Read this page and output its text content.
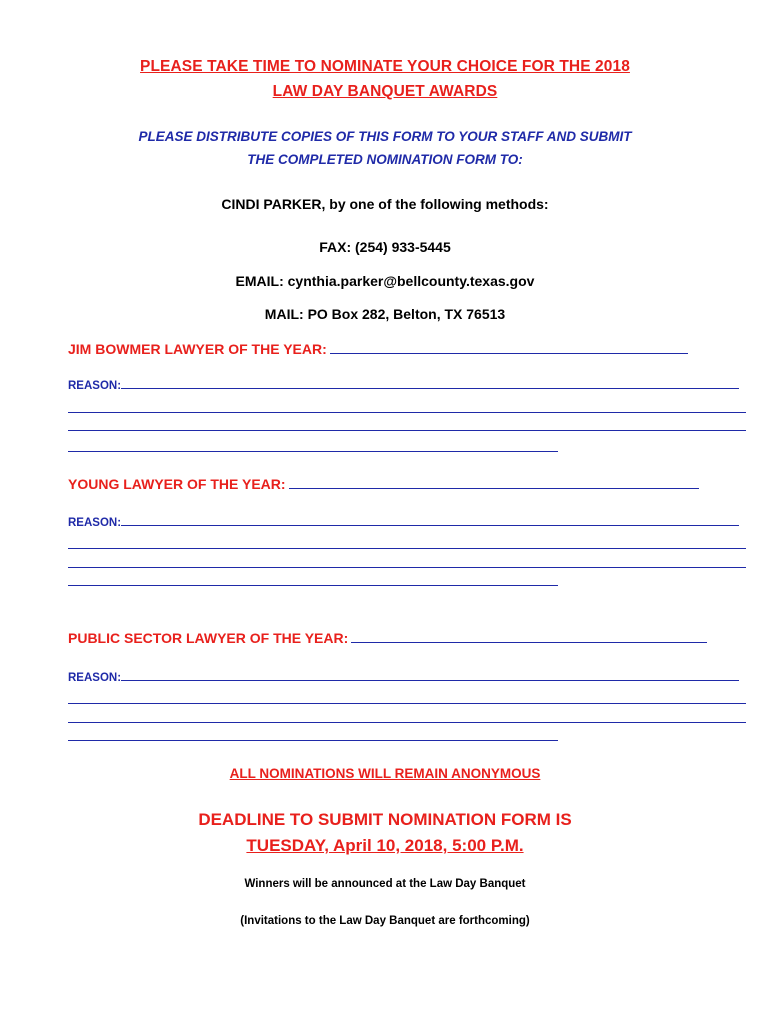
PLEASE TAKE TIME TO NOMINATE YOUR CHOICE FOR THE 2018
LAW DAY BANQUET AWARDS
PLEASE DISTRIBUTE COPIES OF THIS FORM TO YOUR STAFF AND SUBMIT
THE COMPLETED NOMINATION FORM TO:
CINDI PARKER, by one of the following methods:
FAX: (254) 933-5445
EMAIL: cynthia.parker@bellcounty.texas.gov
MAIL: PO Box 282, Belton, TX 76513
JIM BOWMER LAWYER OF THE YEAR:
REASON:
YOUNG LAWYER OF THE YEAR:
REASON:
PUBLIC SECTOR LAWYER OF THE YEAR:
REASON:
ALL NOMINATIONS WILL REMAIN ANONYMOUS
DEADLINE TO SUBMIT NOMINATION FORM IS
TUESDAY, April 10, 2018, 5:00 P.M.
Winners will be announced at the Law Day Banquet
(Invitations to the Law Day Banquet are forthcoming)
